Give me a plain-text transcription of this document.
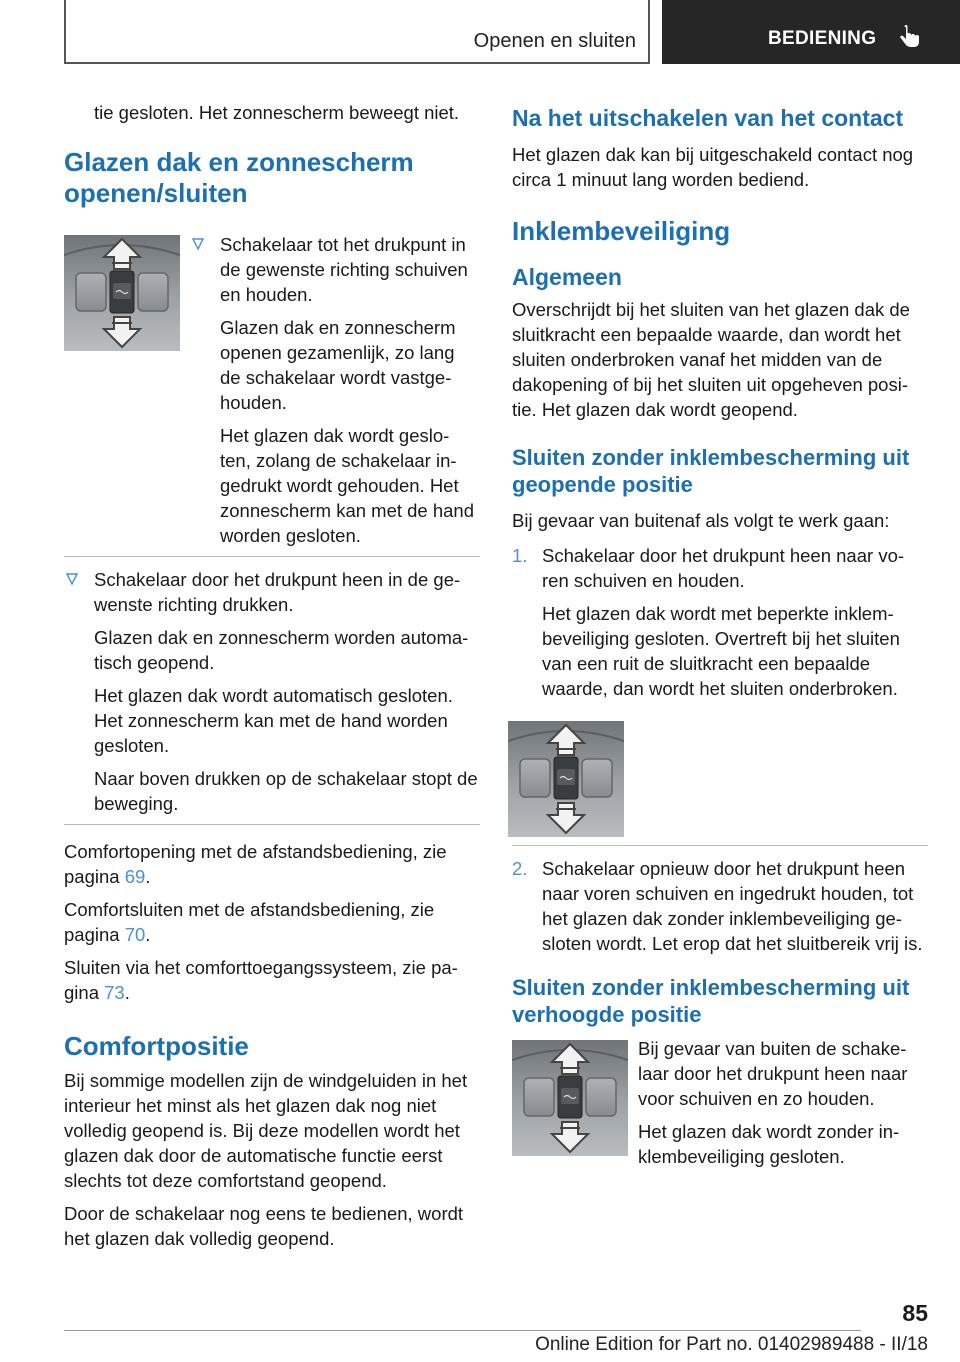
Openen en sluiten	BEDIENING

tie gesloten. Het zonnescherm beweegt niet.

Glazen dak en zonnescherm openen/sluiten

Schakelaar tot het drukpunt in de gewenste richting schuiven en houden.

Glazen dak en zonnescherm openen gezamenlijk, zo lang de schakelaar wordt vastge-houden.

Het glazen dak wordt geslo-ten, zolang de schakelaar in-gedrukt wordt gehouden. Het zonnescherm kan met de hand worden gesloten.

Schakelaar door het drukpunt heen in de ge-wenste richting drukken.

Glazen dak en zonnescherm worden automa-tisch geopend.

Het glazen dak wordt automatisch gesloten. Het zonnescherm kan met de hand worden gesloten.

Naar boven drukken op de schakelaar stopt de beweging.

Comfortopening met de afstandsbediening, zie pagina 69.

Comfortsluiten met de afstandsbediening, zie pagina 70.

Sluiten via het comforttoegangssysteem, zie pa-gina 73.

Comfortpositie

Bij sommige modellen zijn de windgeluiden in het interieur het minst als het glazen dak nog niet volledig geopend is. Bij deze modellen wordt het glazen dak door de automatische functie eerst slechts tot deze comfortstand geopend.

Door de schakelaar nog eens te bedienen, wordt het glazen dak volledig geopend.

Na het uitschakelen van het contact

Het glazen dak kan bij uitgeschakeld contact nog circa 1 minuut lang worden bediend.

Inklembeveiliging
Algemeen

Overschrijdt bij het sluiten van het glazen dak de sluitkracht een bepaalde waarde, dan wordt het sluiten onderbroken vanaf het midden van de dakopening of bij het sluiten uit opgeheven posi-tie. Het glazen dak wordt geopend.

Sluiten zonder inklembescherming uit geopende positie

Bij gevaar van buitenaf als volgt te werk gaan:

1. Schakelaar door het drukpunt heen naar vo-ren schuiven en houden.

Het glazen dak wordt met beperkte inklem-beveiliging gesloten. Overtreft bij het sluiten van een ruit de sluitkracht een bepaalde waarde, dan wordt het sluiten onderbroken.

2. Schakelaar opnieuw door het drukpunt heen naar voren schuiven en ingedrukt houden, tot het glazen dak zonder inklembeveiliging ge-sloten wordt. Let erop dat het sluitbereik vrij is.

Sluiten zonder inklembescherming uit verhoogde positie

Bij gevaar van buiten de schake-laar door het drukpunt heen naar voor schuiven en zo houden.

Het glazen dak wordt zonder in-klembeveiliging gesloten.

85
Online Edition for Part no. 01402989488 - II/18
